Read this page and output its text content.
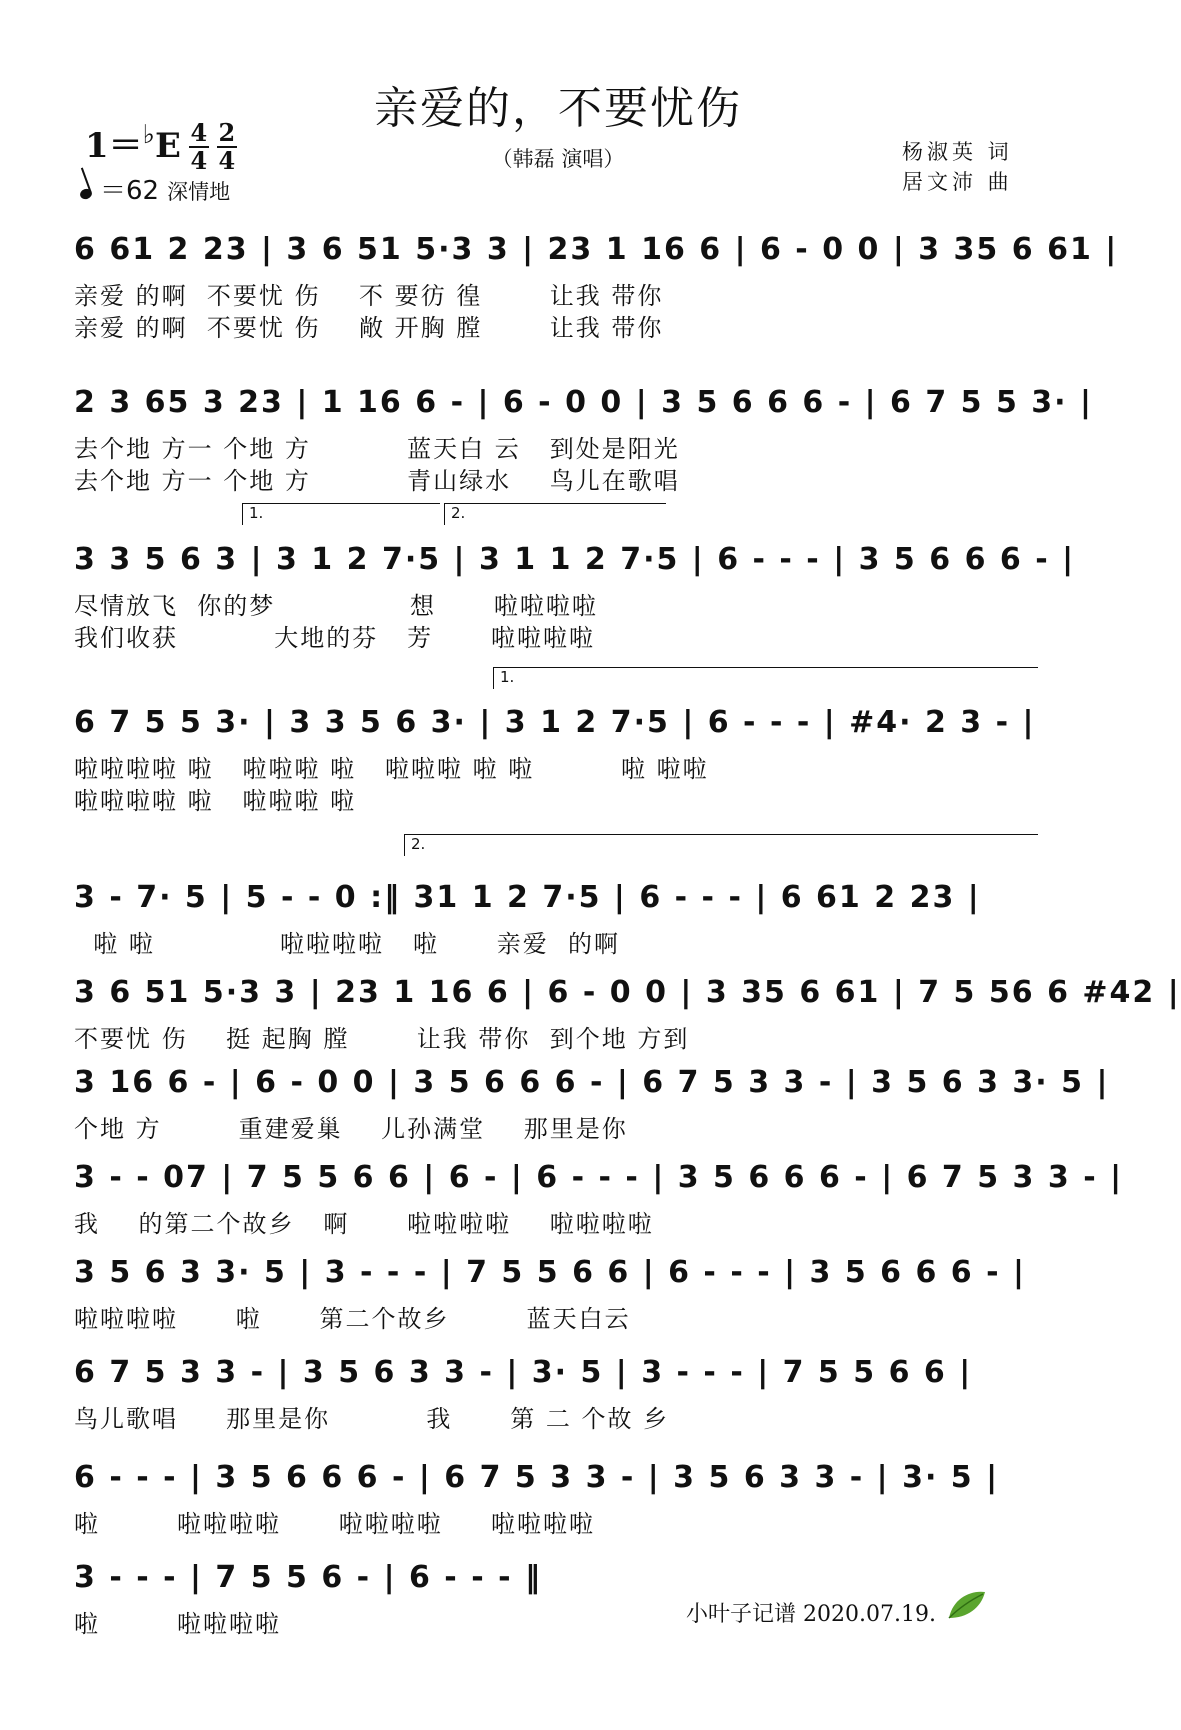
亲爱的，不要忧伤
（韩磊 演唱）
$1=^♭E \frac{4}{4} \frac{2}{4}$
＝62 深情地
杨淑英 词
居文沛 曲
6 61 2 23 | 3 6 51 5·3 3 | 23 1 16 6 | 6 - 0 0 | 3 35 6 61 |
亲爱 的啊  不要忧 伤    不 要彷 徨       让我 带你
亲爱 的啊  不要忧 伤    敞 开胸 膛       让我 带你
2 3 65 3 23 | 1 16 6 - | 6 - 0 0 | 3 5 6 6 6 - | 6 7 5 5 3· |
去个地 方一 个地 方          蓝天白 云   到处是阳光
去个地 方一 个地 方          青山绿水    鸟儿在歌唱
3 3 5 6 3 | 3 1 2 7·5 | 3 1 1 2 7·5 | 6 - - - | 3 5 6 6 6 - |
尽情放飞  你的梦              想      啦啦啦啦
我们收获          大地的芬   芳      啦啦啦啦
6 7 5 5 3· | 3 3 5 6 3· | 3 1 2 7·5 | 6 - - - | #4· 2 3 - |
啦啦啦啦 啦   啦啦啦 啦   啦啦啦 啦 啦         啦 啦啦
啦啦啦啦 啦   啦啦啦 啦
3 - 7· 5 | 5 - - 0 :‖ 31 1 2 7·5 | 6 - - - | 6 61 2 23 |
啦 啦             啦啦啦啦   啦      亲爱  的啊
3 6 51 5·3 3 | 23 1 16 6 | 6 - 0 0 | 3 35 6 61 | 7 5 56 6 #42 |
不要忧 伤    挺 起胸 膛       让我 带你  到个地 方到
3 16 6 - | 6 - 0 0 | 3 5 6 6 6 - | 6 7 5 3 3 - | 3 5 6 3 3· 5 |
个地 方        重建爱巢    儿孙满堂    那里是你
3 - - 07 | 7 5 5 6 6 | 6 - | 6 - - - | 3 5 6 6 6 - | 6 7 5 3 3 - |
我    的第二个故乡   啊      啦啦啦啦    啦啦啦啦
3 5 6 3 3· 5 | 3 - - - | 7 5 5 6 6 | 6 - - - | 3 5 6 6 6 - |
啦啦啦啦      啦      第二个故乡        蓝天白云
6 7 5 3 3 - | 3 5 6 3 3 - | 3· 5 | 3 - - - | 7 5 5 6 6 |
鸟儿歌唱     那里是你          我      第 二 个故 乡
6 - - - | 3 5 6 6 6 - | 6 7 5 3 3 - | 3 5 6 3 3 - | 3· 5 |
啦        啦啦啦啦      啦啦啦啦     啦啦啦啦
3 - - - | 7 5 5 6 - | 6 - - - ‖
啦        啦啦啦啦
1.	2.
1.
2.
小叶子记谱 2020.07.19.
